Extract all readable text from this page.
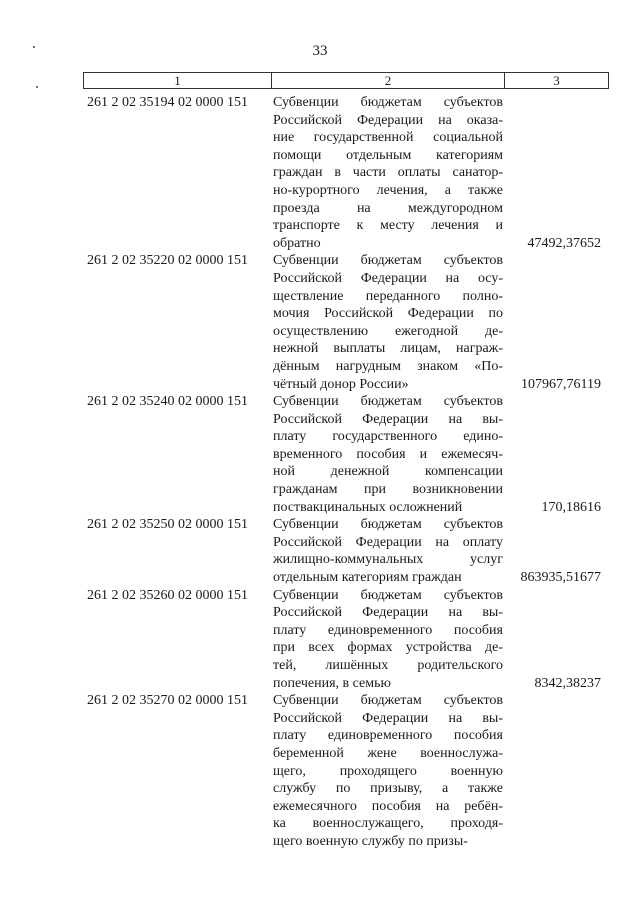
33
1	2	3
261 2 02 35194 02 0000 151	Субвенции бюджетам субъектов
Российской Федерации на оказа-
ние государственной социальной
помощи отдельным категориям
граждан в части оплаты санатор-
но-курортного лечения, а также
проезда на междугородном
транспорте к месту лечения и
обратно	47492,37652
261 2 02 35220 02 0000 151	Субвенции бюджетам субъектов
Российской Федерации на осу-
ществление переданного полно-
мочия Российской Федерации по
осуществлению ежегодной де-
нежной выплаты лицам, награж-
дённым нагрудным знаком «По-
чётный донор России»	107967,76119
261 2 02 35240 02 0000 151	Субвенции бюджетам субъектов
Российской Федерации на вы-
плату государственного едино-
временного пособия и ежемесяч-
ной денежной компенсации
гражданам при возникновении
поствакцинальных осложнений	170,18616
261 2 02 35250 02 0000 151	Субвенции бюджетам субъектов
Российской Федерации на оплату
жилищно-коммунальных услуг
отдельным категориям граждан	863935,51677
261 2 02 35260 02 0000 151	Субвенции бюджетам субъектов
Российской Федерации на вы-
плату единовременного пособия
при всех формах устройства де-
тей, лишённых родительского
попечения, в семью	8342,38237
261 2 02 35270 02 0000 151	Субвенции бюджетам субъектов
Российской Федерации на вы-
плату единовременного пособия
беременной жене военнослужа-
щего, проходящего военную
службу по призыву, а также
ежемесячного пособия на ребён-
ка военнослужащего, проходя-
щего военную службу по призы-
